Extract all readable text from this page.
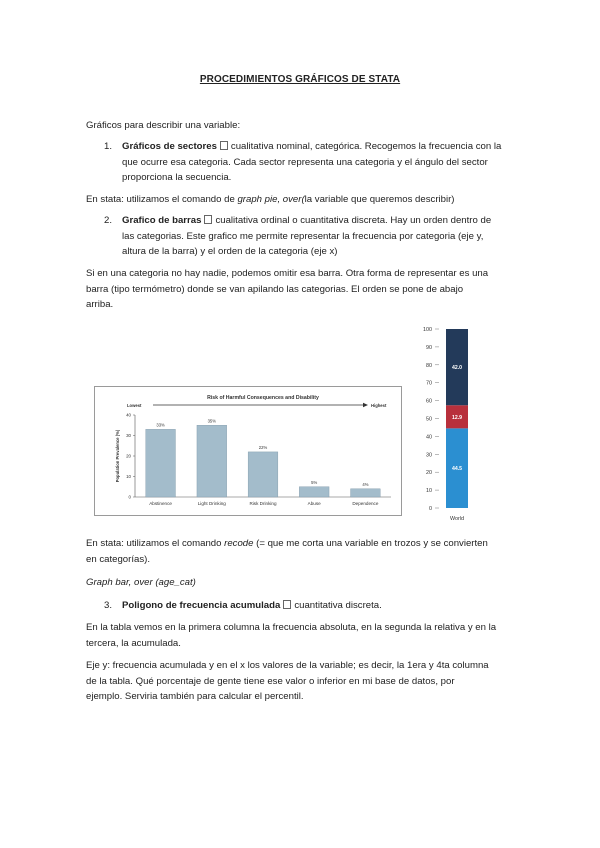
PROCEDIMIENTOS GRÁFICOS DE STATA
Gráficos para describir una variable:
1. Gráficos de sectores cualitativa nominal, categórica. Recogemos la frecuencia con la
que ocurre esa categoria. Cada sector representa una categoria y el ángulo del sector
proporciona la secuencia.
En stata: utilizamos el comando de graph pie, over(la variable que queremos describir)
2. Grafico de barras cualitativa ordinal o cuantitativa discreta. Hay un orden dentro de
las categorias. Este grafico me permite representar la frecuencia por categoria (eje y,
altura de la barra) y el orden de la categoria (eje x)
Si en una categoria no hay nadie, podemos omitir esa barra. Otra forma de representar es una
barra (tipo termómetro) donde se van apilando las categorias. El orden se pone de abajo
arriba.
Risk of Harmful Consequences and Disability
Lowest	Highest
0
10
20
30
40
Population Prevalence (%)
33%
Abstinence
35%
Light Drinking
22%
Risk Drinking
5%
Abuse
4%
Dependence
0
10
20
30
40
50
60
70
80
90
100
44.5
12.9
42.0
World
En stata: utilizamos el comando recode (= que me corta una variable en trozos y se convierten
en categorías).
Graph bar, over (age_cat)
3. Poligono de frecuencia acumulada cuantitativa discreta.
En la tabla vemos en la primera columna la frecuencia absoluta, en la segunda la relativa y en la
tercera, la acumulada.
Eje y: frecuencia acumulada y en el x los valores de la variable; es decir, la 1era y 4ta columna
de la tabla. Qué porcentaje de gente tiene ese valor o inferior en mi base de datos, por
ejemplo. Serviria también para calcular el percentil.
